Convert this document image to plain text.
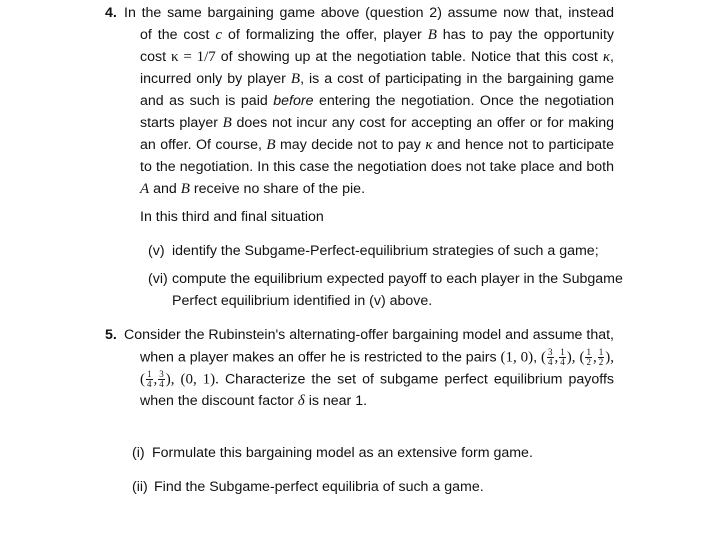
4. In the same bargaining game above (question 2) assume now that, instead
of the cost c of formalizing the offer, player B has to pay the opportunity
cost κ = 1/7 of showing up at the negotiation table. Notice that this cost κ,
incurred only by player B, is a cost of participating in the bargaining game
and as such is paid before entering the negotiation. Once the negotiation
starts player B does not incur any cost for accepting an offer or for making
an offer. Of course, B may decide not to pay κ and hence not to participate
to the negotiation. In this case the negotiation does not take place and both
A and B receive no share of the pie.
In this third and final situation
(v) identify the Subgame-Perfect-equilibrium strategies of such a game;
(vi) compute the equilibrium expected payoff to each player in the Subgame
Perfect equilibrium identified in (v) above.
5. Consider the Rubinstein's alternating-offer bargaining model and assume that,
when a player makes an offer he is restricted to the pairs (1, 0), ( $\frac{3}{4}$ , $\frac{1}{4}$ ), ( $\frac{1}{2}$ , $\frac{1}{2}$ ),
( $\frac{1}{4}$ , $\frac{3}{4}$ ), (0, 1). Characterize the set of subgame perfect equilibrium payoffs
when the discount factor δ is near 1.
(i) Formulate this bargaining model as an extensive form game.
(ii) Find the Subgame-perfect equilibria of such a game.
